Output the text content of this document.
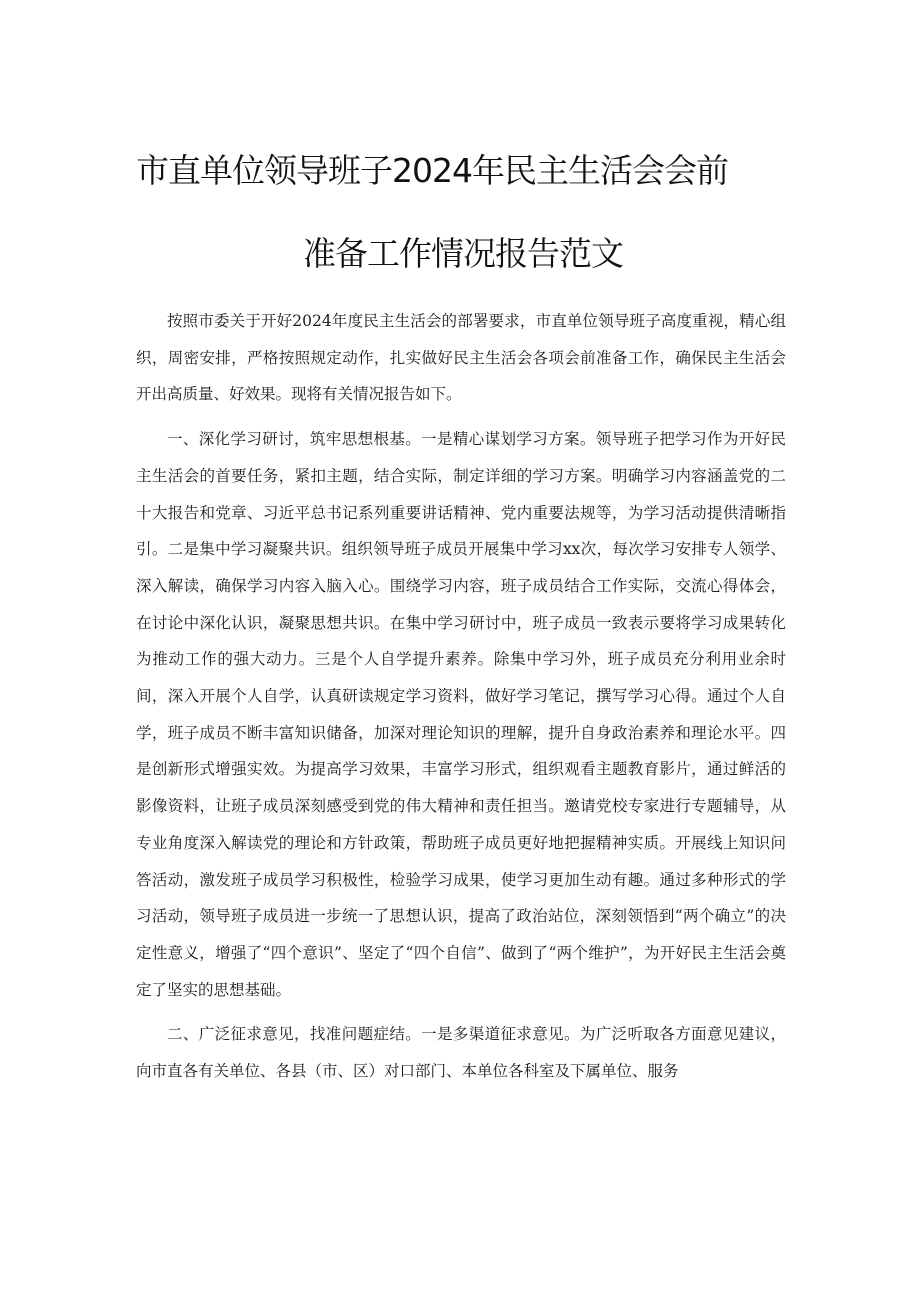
市直单位领导班子2024年民主生活会会前
准备工作情况报告范文

按照市委关于开好2024年度民主生活会的部署要求，市直单位领导班子高度重视，精心组织，周密安排，严格按照规定动作，扎实做好民主生活会各项会前准备工作，确保民主生活会开出高质量、好效果。现将有关情况报告如下。

一、深化学习研讨，筑牢思想根基。一是精心谋划学习方案。领导班子把学习作为开好民主生活会的首要任务，紧扣主题，结合实际，制定详细的学习方案。明确学习内容涵盖党的二十大报告和党章、习近平总书记系列重要讲话精神、党内重要法规等，为学习活动提供清晰指引。二是集中学习凝聚共识。组织领导班子成员开展集中学习xx次，每次学习安排专人领学、深入解读，确保学习内容入脑入心。围绕学习内容，班子成员结合工作实际，交流心得体会，在讨论中深化认识，凝聚思想共识。在集中学习研讨中，班子成员一致表示要将学习成果转化为推动工作的强大动力。三是个人自学提升素养。除集中学习外，班子成员充分利用业余时间，深入开展个人自学，认真研读规定学习资料，做好学习笔记，撰写学习心得。通过个人自学，班子成员不断丰富知识储备，加深对理论知识的理解，提升自身政治素养和理论水平。四是创新形式增强实效。为提高学习效果，丰富学习形式，组织观看主题教育影片，通过鲜活的影像资料，让班子成员深刻感受到党的伟大精神和责任担当。邀请党校专家进行专题辅导，从专业角度深入解读党的理论和方针政策，帮助班子成员更好地把握精神实质。开展线上知识问答活动，激发班子成员学习积极性，检验学习成果，使学习更加生动有趣。通过多种形式的学习活动，领导班子成员进一步统一了思想认识，提高了政治站位，深刻领悟到“两个确立”的决定性意义，增强了“四个意识”、坚定了“四个自信”、做到了“两个维护”，为开好民主生活会奠定了坚实的思想基础。

二、广泛征求意见，找准问题症结。一是多渠道征求意见。为广泛听取各方面意见建议，向市直各有关单位、各县（市、区）对口部门、本单位各科室及下属单位、服务
